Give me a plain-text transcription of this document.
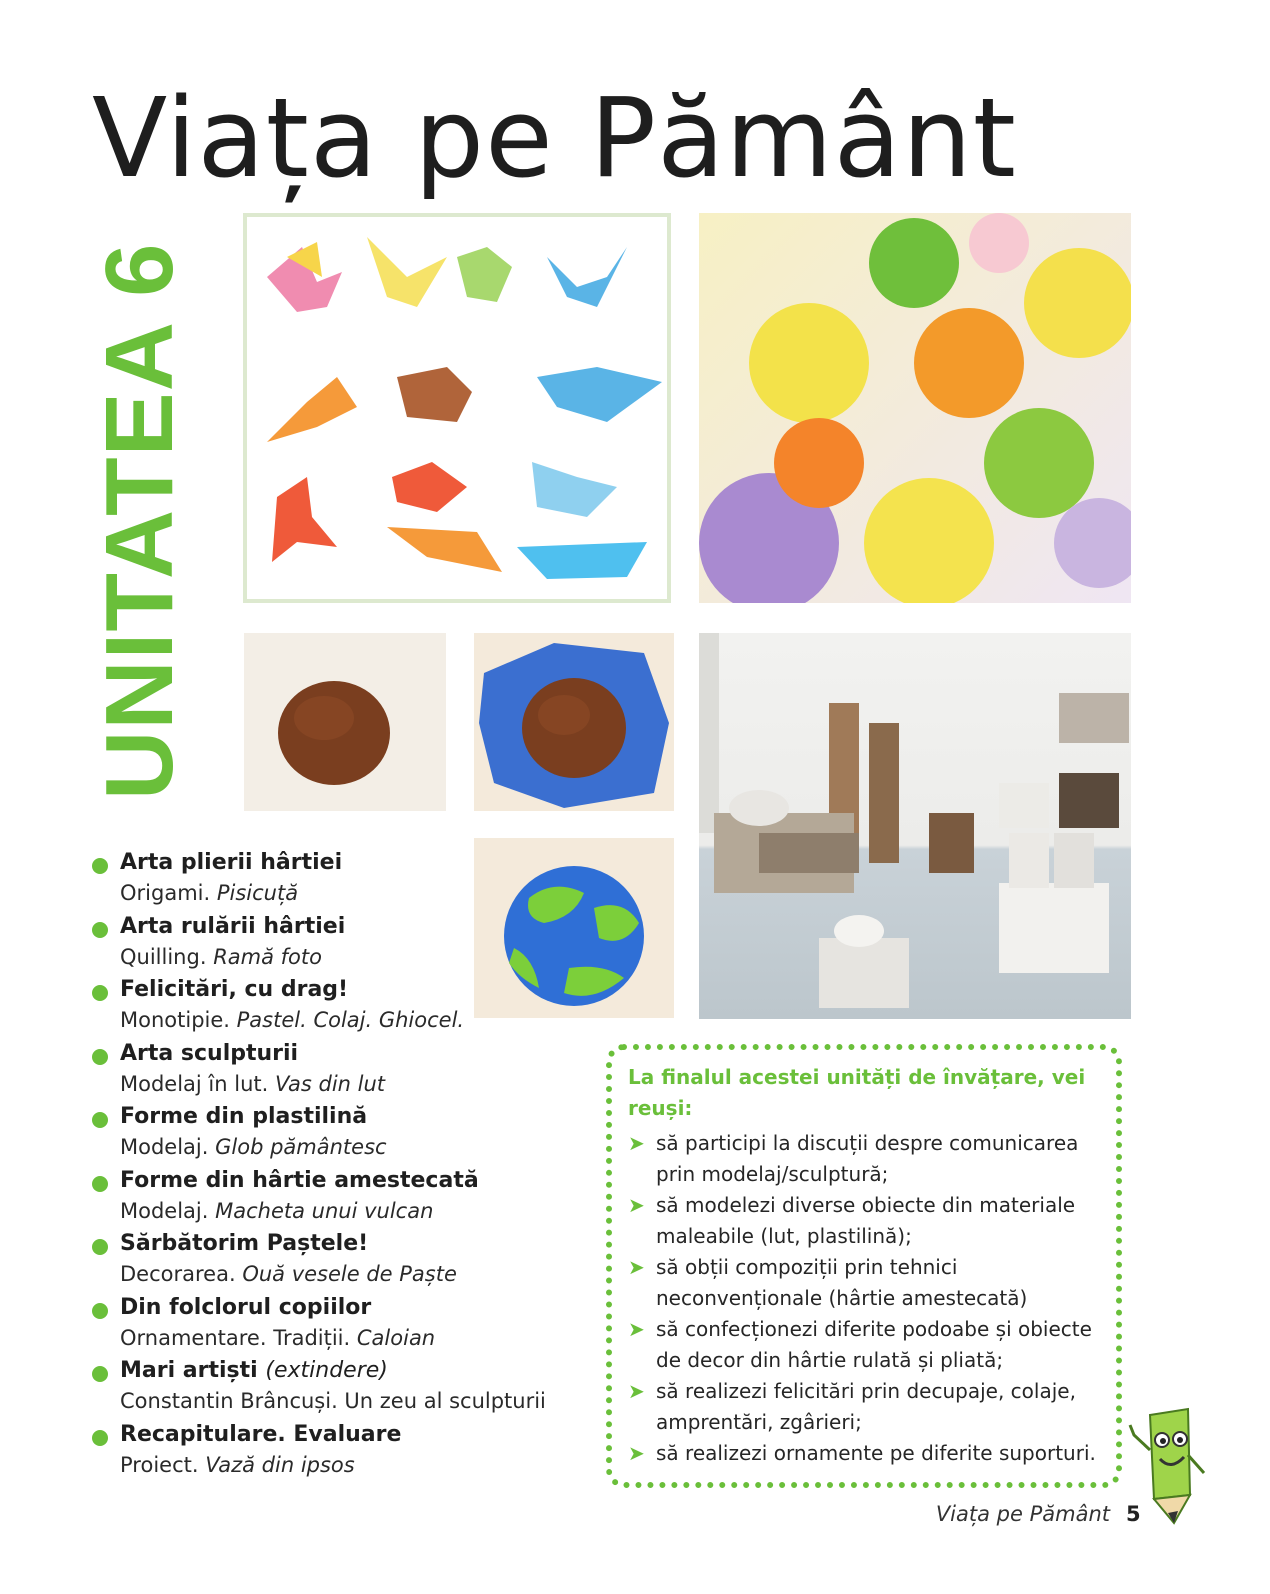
Viața pe Pământ
UNITATEA 6
Arta plierii hârtiei
Origami. Pisicuță
Arta rulării hârtiei
Quilling. Ramă foto
Felicitări, cu drag!
Monotipie. Pastel. Colaj. Ghiocel.
Arta sculpturii
Modelaj în lut. Vas din lut
Forme din plastilină
Modelaj. Glob pământesc
Forme din hârtie amestecată
Modelaj. Macheta unui vulcan
Sărbătorim Paștele!
Decorarea. Ouă vesele de Paște
Din folclorul copiilor
Ornamentare. Tradiții. Caloian
Mari artiști (extindere)
Constantin Brâncuși. Un zeu al sculpturii
Recapitulare. Evaluare
Proiect. Vază din ipsos

La finalul acestei unități de învățare, vei reuși:

➤ să participi la discuții despre comunicarea prin modelaj/sculptură;
➤ să modelezi diverse obiecte din materiale maleabile (lut, plastilină);
➤ să obții compoziții prin tehnici neconvenționale (hârtie amestecată)
➤ să confecționezi diferite podoabe și obiecte de decor din hârtie rulată și pliată;
➤ să realizezi felicitări prin decupaje, colaje, amprentări, zgârieri;
➤ să realizezi ornamente pe diferite suporturi.
Viața pe Pământ 5
